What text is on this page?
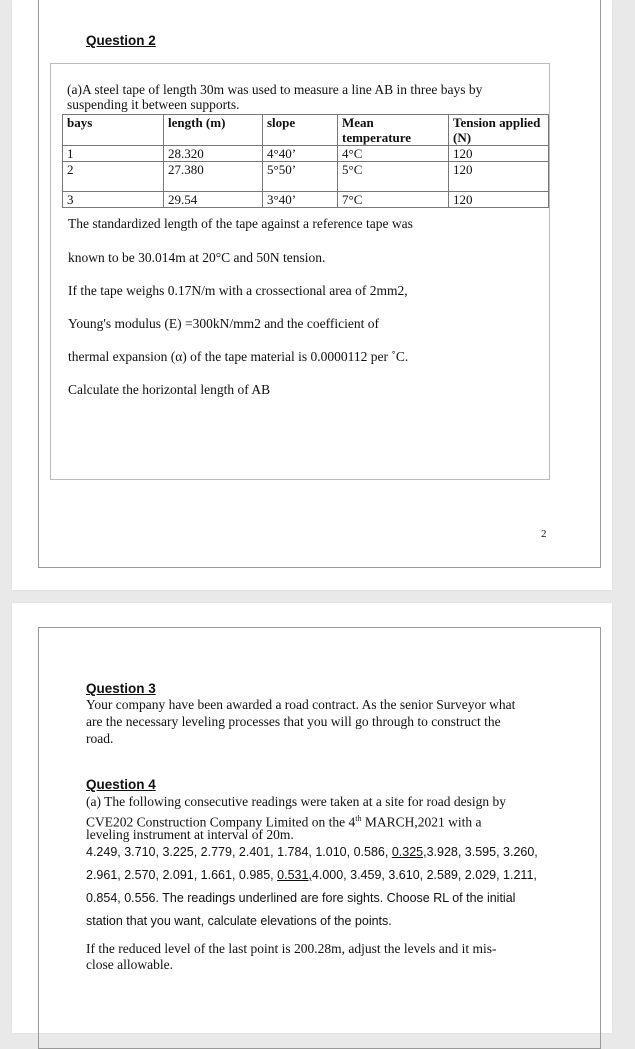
Question 2
(a)A steel tape of length 30m was used to measure a line AB in three bays by
suspending it between supports.
bays	length (m)	slope	Mean temperature	Tension applied (N)
1	28.320	4°40’	4°C	120
2	27.380	5°50’	5°C	120
3	29.54	3°40’	7°C	120
The standardized length of the tape against a reference tape was
known to be 30.014m at 20°C and 50N tension.
If the tape weighs 0.17N/m with a crossectional area of 2mm2,
Young's modulus (E) =300kN/mm2 and the coefficient of
thermal expansion (α) of the tape material is 0.0000112 per ˚C.
Calculate the horizontal length of AB
2
Question 3
Your company have been awarded a road contract. As the senior Surveyor what
are the necessary leveling processes that you will go through to construct the
road.
Question 4
(a) The following consecutive readings were taken at a site for road design by
CVE202 Construction Company Limited on the 4th MARCH,2021 with a
leveling instrument at interval of 20m.
4.249, 3.710, 3.225, 2.779, 2.401, 1.784, 1.010, 0.586, 0.325,3.928, 3.595, 3.260,
2.961, 2.570, 2.091, 1.661, 0.985, 0.531,4.000, 3.459, 3.610, 2.589, 2.029, 1.211,
0.854, 0.556. The readings underlined are fore sights. Choose RL of the initial
station that you want, calculate elevations of the points.
If the reduced level of the last point is 200.28m, adjust the levels and it mis-
close allowable.
